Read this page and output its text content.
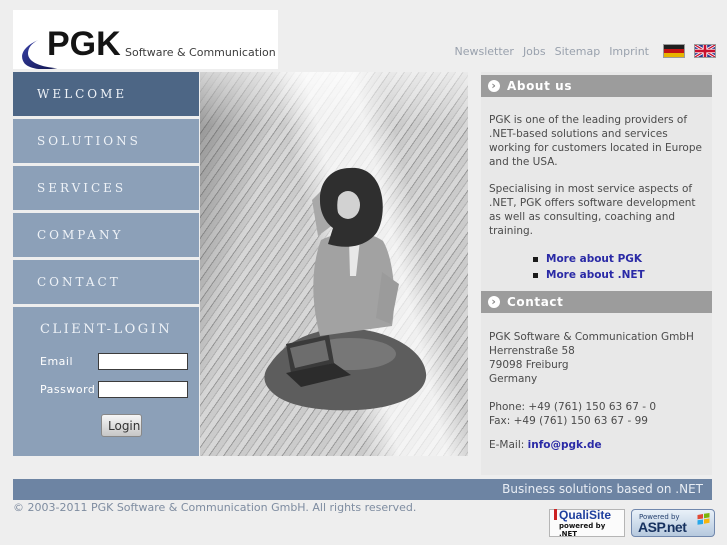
PGK Software & Communication	Newsletter Jobs Sitemap Imprint
WELCOME
SOLUTIONS
SERVICES
COMPANY
CONTACT
CLIENT-LOGIN
Email
Password
Login
› About us
PGK is one of the leading providers of
.NET-based solutions and services
working for customers located in Europe
and the USA.
Specialising in most service aspects of
.NET, PGK offers software development
as well as consulting, coaching and
training.
More about PGK
More about .NET
› Contact
PGK Software & Communication GmbH
Herrenstraße 58
79098 Freiburg
Germany
Phone: +49 (761) 150 63 67 - 0
Fax: +49 (761) 150 63 67 - 99
E-Mail: info@pgk.de
Business solutions based on .NET
© 2003-2011 PGK Software & Communication GmbH. All rights reserved.	QualiSite
powered by .NET
Powered by
ASP.net
